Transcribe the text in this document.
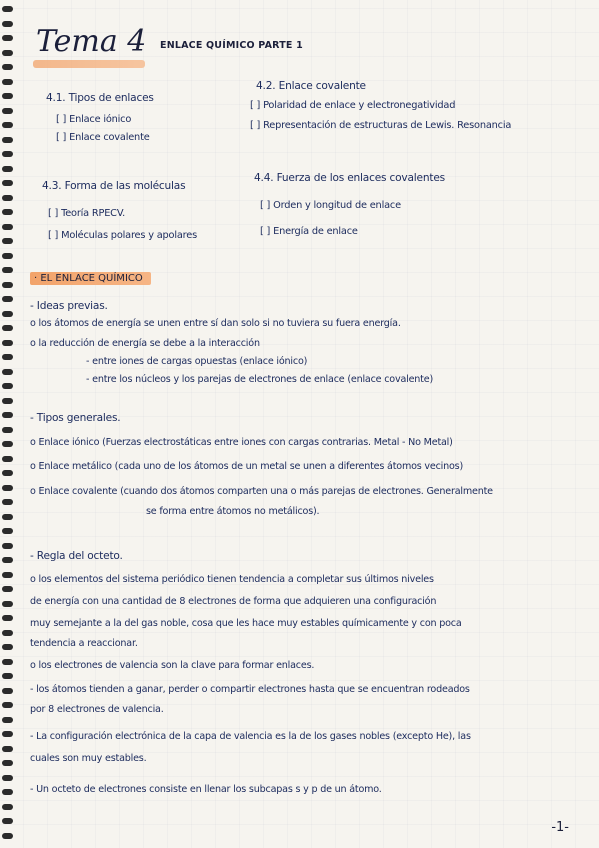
Tema 4 ENLACE QUÍMICO PARTE 1
4.1. Tipos de enlaces
[ ] Enlace iónico
[ ] Enlace covalente
4.2. Enlace covalente
[ ] Polaridad de enlace y electronegatividad
[ ] Representación de estructuras de Lewis. Resonancia
4.3. Forma de las moléculas
[ ] Teoría RPECV.
[ ] Moléculas polares y apolares
4.4. Fuerza de los enlaces covalentes
[ ] Orden y longitud de enlace
[ ] Energía de enlace
· EL ENLACE QUÍMICO
- Ideas previas.
o los átomos de energía se unen entre sí dan solo si no tuviera su fuera energía.
o la reducción de energía se debe a la interacción
- entre iones de cargas opuestas (enlace iónico)
- entre los núcleos y los parejas de electrones de enlace (enlace covalente)
- Tipos generales.
o Enlace iónico (Fuerzas electrostáticas entre iones con cargas contrarias. Metal - No Metal)
o Enlace metálico (cada uno de los átomos de un metal se unen a diferentes átomos vecinos)
o Enlace covalente (cuando dos átomos comparten una o más parejas de electrones. Generalmente
se forma entre átomos no metálicos).
- Regla del octeto.
o los elementos del sistema periódico tienen tendencia a completar sus últimos niveles
de energía con una cantidad de 8 electrones de forma que adquieren una configuración
muy semejante a la del gas noble, cosa que les hace muy estables químicamente y con poca
tendencia a reaccionar.
o los electrones de valencia son la clave para formar enlaces.
- los átomos tienden a ganar, perder o compartir electrones hasta que se encuentran rodeados
por 8 electrones de valencia.
- La configuración electrónica de la capa de valencia es la de los gases nobles (excepto He), las
cuales son muy estables.
- Un octeto de electrones consiste en llenar los subcapas s y p de un átomo.
-1-
